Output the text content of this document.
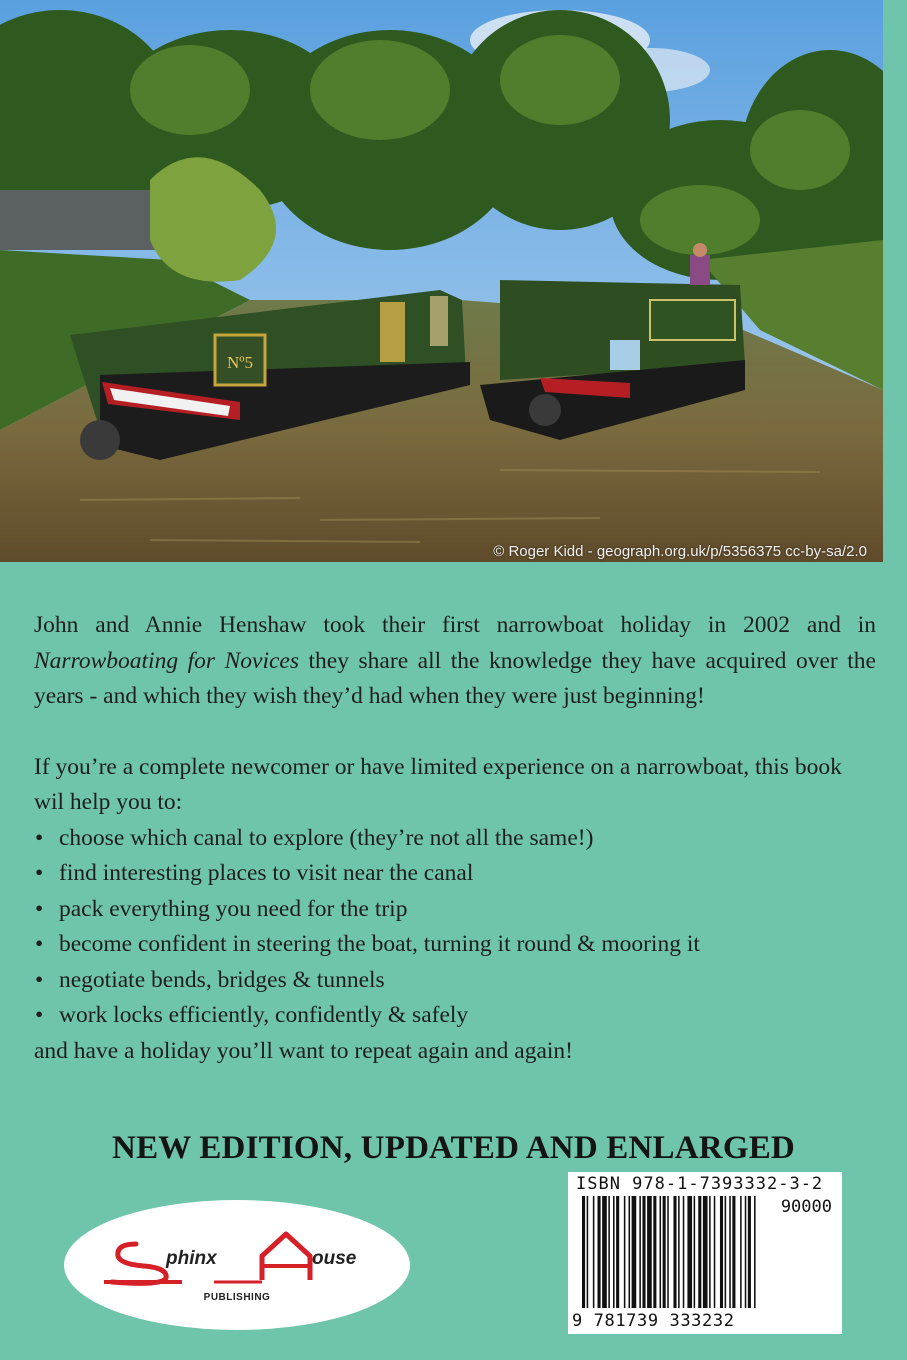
Nº5
© Roger Kidd - geograph.org.uk/p/5356375 cc-by-sa/2.0

John and Annie Henshaw took their first narrowboat holiday in 2002 and in Narrowboating for Novices they share all the knowledge they have acquired over the years - and which they wish they’d had when they were just beginning!

If you’re a complete newcomer or have limited experience on a narrowboat, this book wil help you to:

• choose which canal to explore (they’re not all the same!)
• find interesting places to visit near the canal
• pack everything you need for the trip
• become confident in steering the boat, turning it round & mooring it
• negotiate bends, bridges & tunnels
• work locks efficiently, confidently & safely

and have a holiday you’ll want to repeat again and again!

NEW EDITION, UPDATED AND ENLARGED
phinx	ouse
PUBLISHING
ISBN 978-1-7393332-3-2
90000
9 781739 333232
